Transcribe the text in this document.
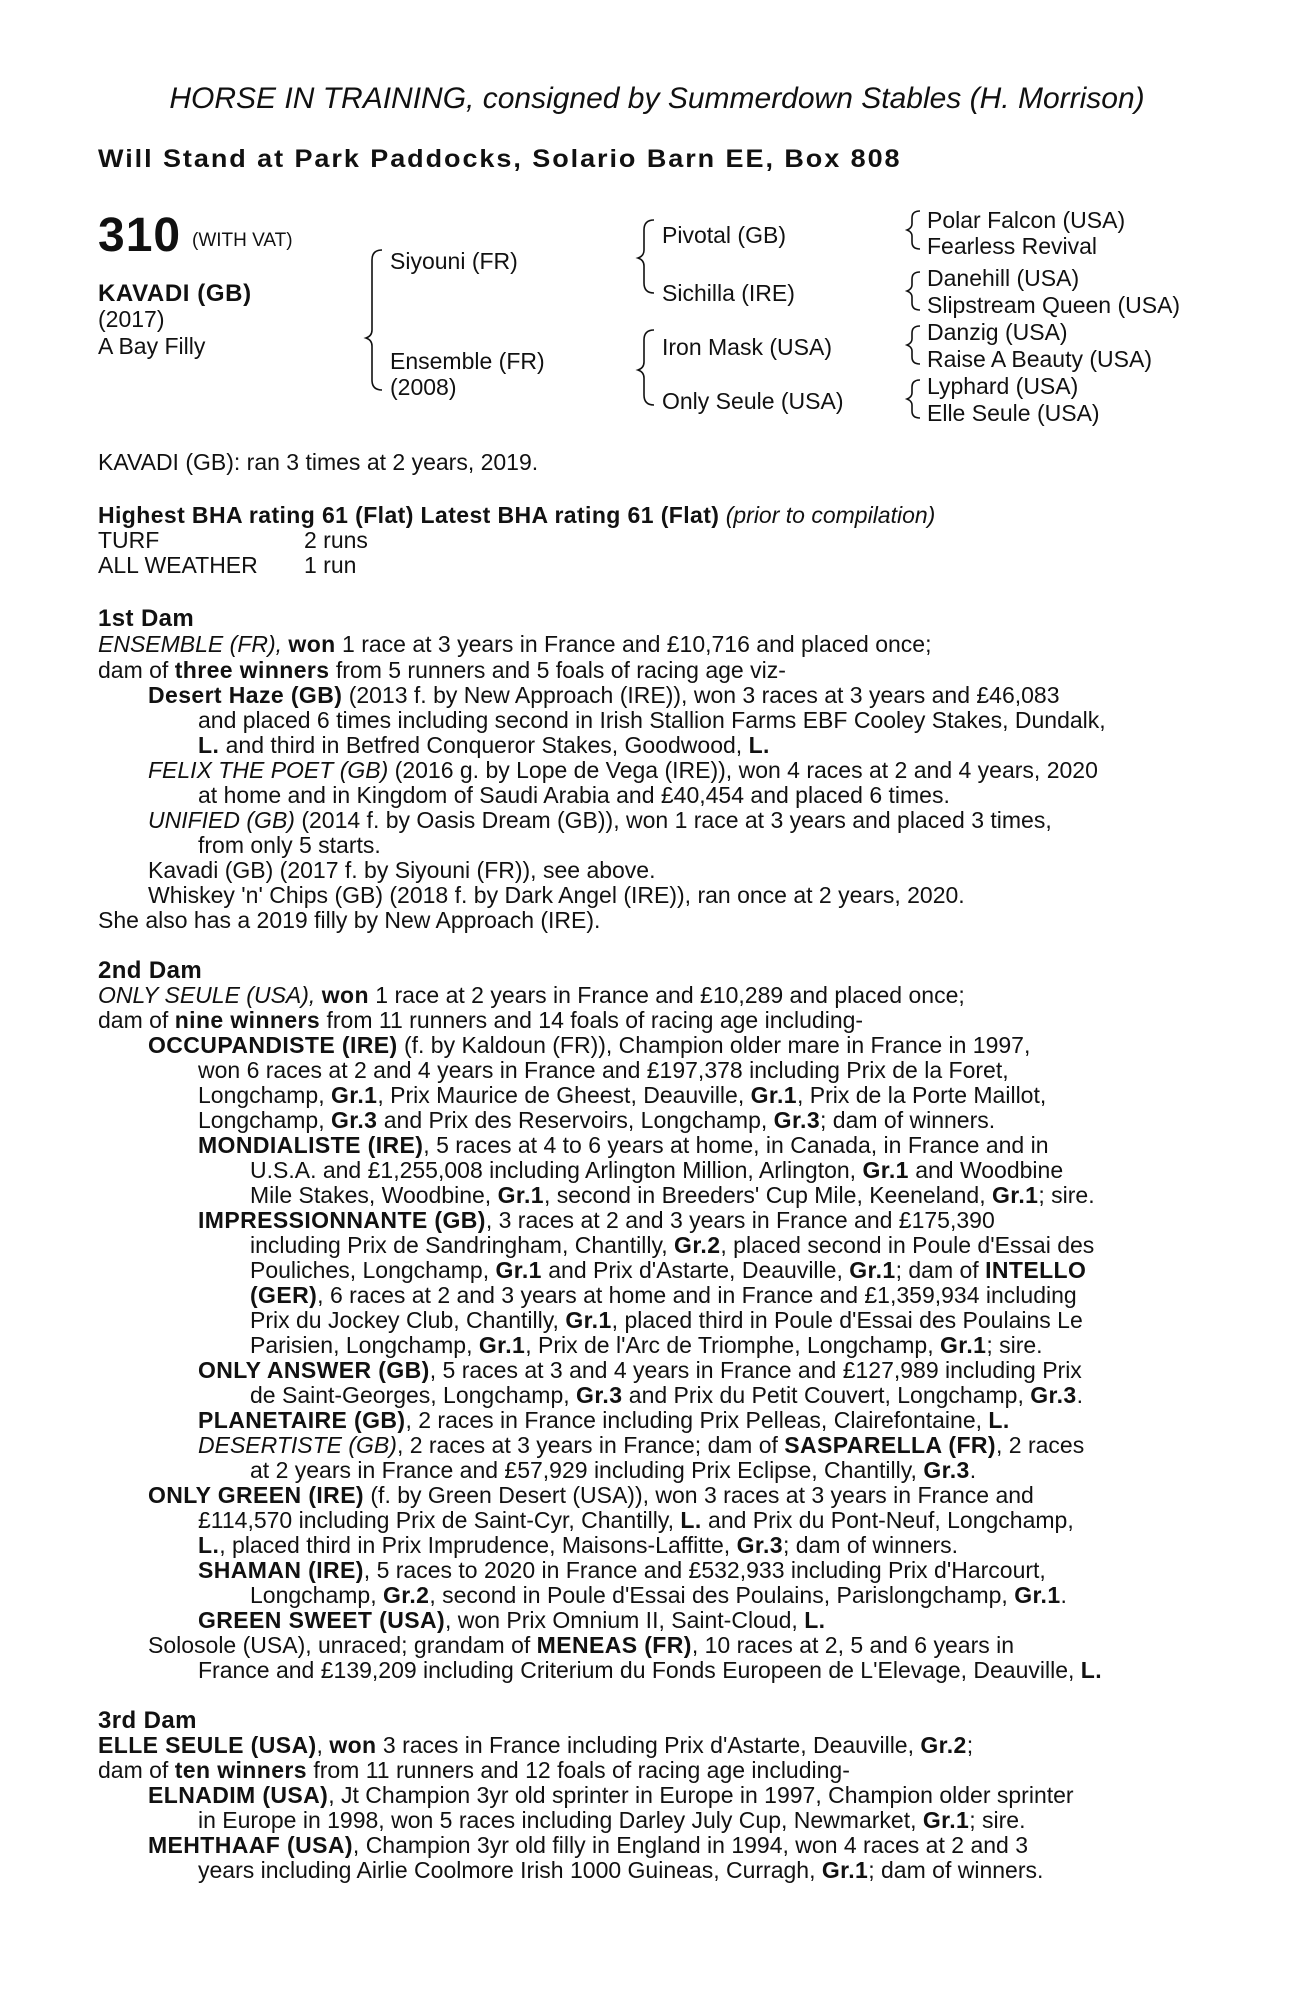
HORSE IN TRAINING, consigned by Summerdown Stables (H. Morrison)
Will Stand at Park Paddocks, Solario Barn EE, Box 808
310 (WITH VAT)
KAVADI (GB)
(2017)
A Bay Filly
Siyouni (FR)
Ensemble (FR)
(2008)
Pivotal (GB)
Sichilla (IRE)
Iron Mask (USA)
Only Seule (USA)
Polar Falcon (USA)
Fearless Revival
Danehill (USA)
Slipstream Queen (USA)
Danzig (USA)
Raise A Beauty (USA)
Lyphard (USA)
Elle Seule (USA)
KAVADI (GB): ran 3 times at 2 years, 2019.
Highest BHA rating 61 (Flat) Latest BHA rating 61 (Flat) (prior to compilation)
TURF	2 runs
ALL WEATHER 1 run
1st Dam
ENSEMBLE (FR), won 1 race at 3 years in France and £10,716 and placed once;
dam of three winners from 5 runners and 5 foals of racing age viz-
Desert Haze (GB) (2013 f. by New Approach (IRE)), won 3 races at 3 years and £46,083
and placed 6 times including second in Irish Stallion Farms EBF Cooley Stakes, Dundalk,
L. and third in Betfred Conqueror Stakes, Goodwood, L.
FELIX THE POET (GB) (2016 g. by Lope de Vega (IRE)), won 4 races at 2 and 4 years, 2020
at home and in Kingdom of Saudi Arabia and £40,454 and placed 6 times.
UNIFIED (GB) (2014 f. by Oasis Dream (GB)), won 1 race at 3 years and placed 3 times,
from only 5 starts.
Kavadi (GB) (2017 f. by Siyouni (FR)), see above.
Whiskey 'n' Chips (GB) (2018 f. by Dark Angel (IRE)), ran once at 2 years, 2020.
She also has a 2019 filly by New Approach (IRE).
2nd Dam
ONLY SEULE (USA), won 1 race at 2 years in France and £10,289 and placed once;
dam of nine winners from 11 runners and 14 foals of racing age including-
OCCUPANDISTE (IRE) (f. by Kaldoun (FR)), Champion older mare in France in 1997,
won 6 races at 2 and 4 years in France and £197,378 including Prix de la Foret,
Longchamp, Gr.1, Prix Maurice de Gheest, Deauville, Gr.1, Prix de la Porte Maillot,
Longchamp, Gr.3 and Prix des Reservoirs, Longchamp, Gr.3; dam of winners.
MONDIALISTE (IRE), 5 races at 4 to 6 years at home, in Canada, in France and in
U.S.A. and £1,255,008 including Arlington Million, Arlington, Gr.1 and Woodbine
Mile Stakes, Woodbine, Gr.1, second in Breeders' Cup Mile, Keeneland, Gr.1; sire.
IMPRESSIONNANTE (GB), 3 races at 2 and 3 years in France and £175,390
including Prix de Sandringham, Chantilly, Gr.2, placed second in Poule d'Essai des
Pouliches, Longchamp, Gr.1 and Prix d'Astarte, Deauville, Gr.1; dam of INTELLO
(GER), 6 races at 2 and 3 years at home and in France and £1,359,934 including
Prix du Jockey Club, Chantilly, Gr.1, placed third in Poule d'Essai des Poulains Le
Parisien, Longchamp, Gr.1, Prix de l'Arc de Triomphe, Longchamp, Gr.1; sire.
ONLY ANSWER (GB), 5 races at 3 and 4 years in France and £127,989 including Prix
de Saint-Georges, Longchamp, Gr.3 and Prix du Petit Couvert, Longchamp, Gr.3.
PLANETAIRE (GB), 2 races in France including Prix Pelleas, Clairefontaine, L.
DESERTISTE (GB), 2 races at 3 years in France; dam of SASPARELLA (FR), 2 races
at 2 years in France and £57,929 including Prix Eclipse, Chantilly, Gr.3.
ONLY GREEN (IRE) (f. by Green Desert (USA)), won 3 races at 3 years in France and
£114,570 including Prix de Saint-Cyr, Chantilly, L. and Prix du Pont-Neuf, Longchamp,
L., placed third in Prix Imprudence, Maisons-Laffitte, Gr.3; dam of winners.
SHAMAN (IRE), 5 races to 2020 in France and £532,933 including Prix d'Harcourt,
Longchamp, Gr.2, second in Poule d'Essai des Poulains, Parislongchamp, Gr.1.
GREEN SWEET (USA), won Prix Omnium II, Saint-Cloud, L.
Solosole (USA), unraced; grandam of MENEAS (FR), 10 races at 2, 5 and 6 years in
France and £139,209 including Criterium du Fonds Europeen de L'Elevage, Deauville, L.
3rd Dam
ELLE SEULE (USA), won 3 races in France including Prix d'Astarte, Deauville, Gr.2;
dam of ten winners from 11 runners and 12 foals of racing age including-
ELNADIM (USA), Jt Champion 3yr old sprinter in Europe in 1997, Champion older sprinter
in Europe in 1998, won 5 races including Darley July Cup, Newmarket, Gr.1; sire.
MEHTHAAF (USA), Champion 3yr old filly in England in 1994, won 4 races at 2 and 3
years including Airlie Coolmore Irish 1000 Guineas, Curragh, Gr.1; dam of winners.
